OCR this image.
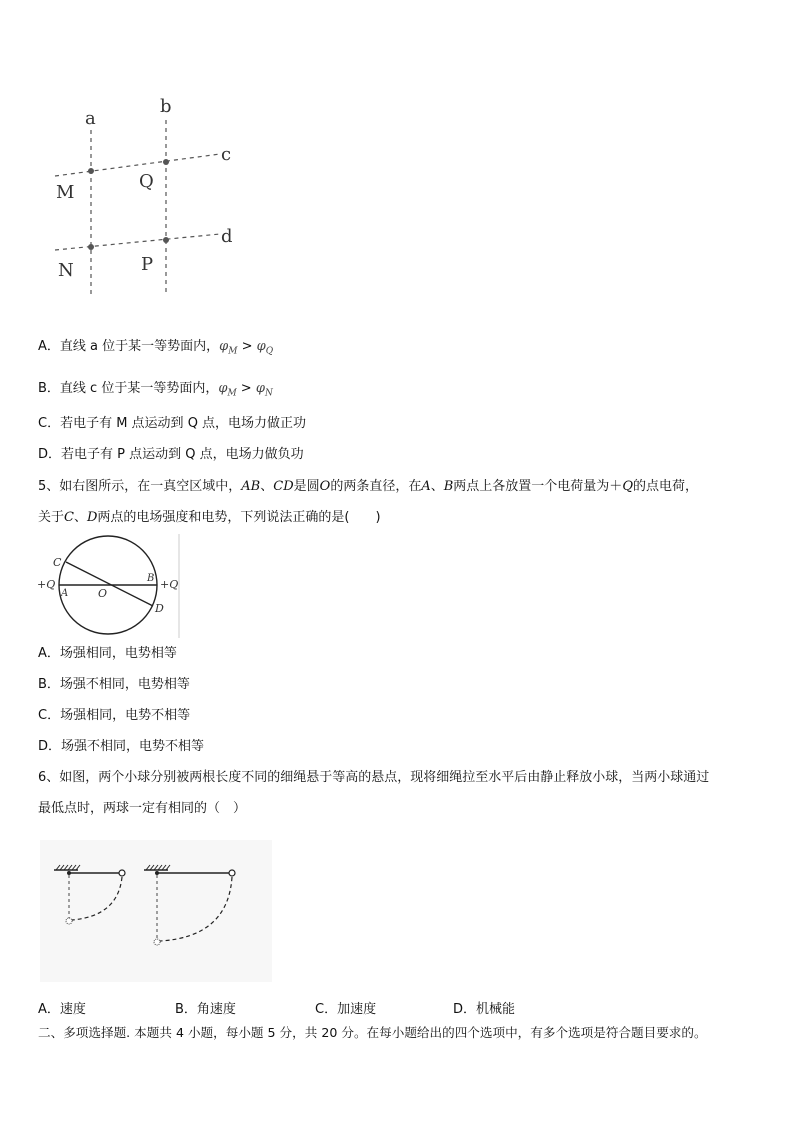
a
b
c
d
M
Q
N	P
A．直线 a 位于某一等势面内，$\varphi_M > \varphi_Q$
B．直线 c 位于某一等势面内，$\varphi_M > \varphi_N$
C．若电子有 M 点运动到 Q 点，电场力做正功
D．若电子有 P 点运动到 Q 点，电场力做负功
5、如右图所示，在一真空区域中，AB、CD是圆O的两条直径，在A、B两点上各放置一个电荷量为＋Q的点电荷，
关于C、D两点的电场强度和电势，下列说法正确的是(　　)
C
+Q
A	O
B +Q
D
A．场强相同，电势相等
B．场强不相同，电势相等
C．场强相同，电势不相等
D．场强不相同，电势不相等
6、如图，两个小球分别被两根长度不同的细绳悬于等高的悬点，现将细绳拉至水平后由静止释放小球，当两小球通过
最低点时，两球一定有相同的（　）
A．速度	B．角速度	C．加速度	D．机械能
二、多项选择题. 本题共 4 小题，每小题 5 分，共 20 分。在每小题给出的四个选项中，有多个选项是符合题目要求的。
